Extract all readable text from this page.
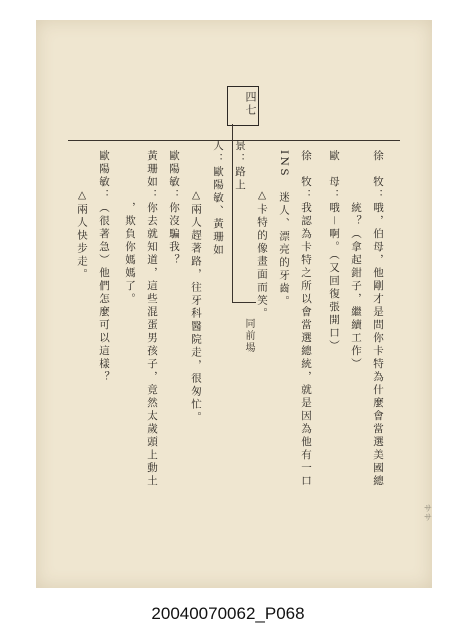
ササ
四七
同前場	徐　牧：哦，伯母，他剛才是問你卡特為什麼會當選美國總
　　　　統？（拿起鉗子，繼續工作）
歐　母：哦－啊。（又回復張開口）
徐　牧：我認為卡特之所以會當選總統，就是因為他有一口
INS　迷人、漂亮的牙齒。
　　　△卡特的像畫面而笑。
景：路上
人：歐陽敏、黃珊如
　　　△兩人趕著路，往牙科醫院走，很匆忙。
歐陽敏：你沒騙我？
黃珊如：你去就知道，這些混蛋男孩子，竟然太歲頭上動土
　　　　，欺負你媽媽了。
歐陽敏：（很著急）他們怎麼可以這樣？
　　　△兩人快步走。
20040070062_P068
